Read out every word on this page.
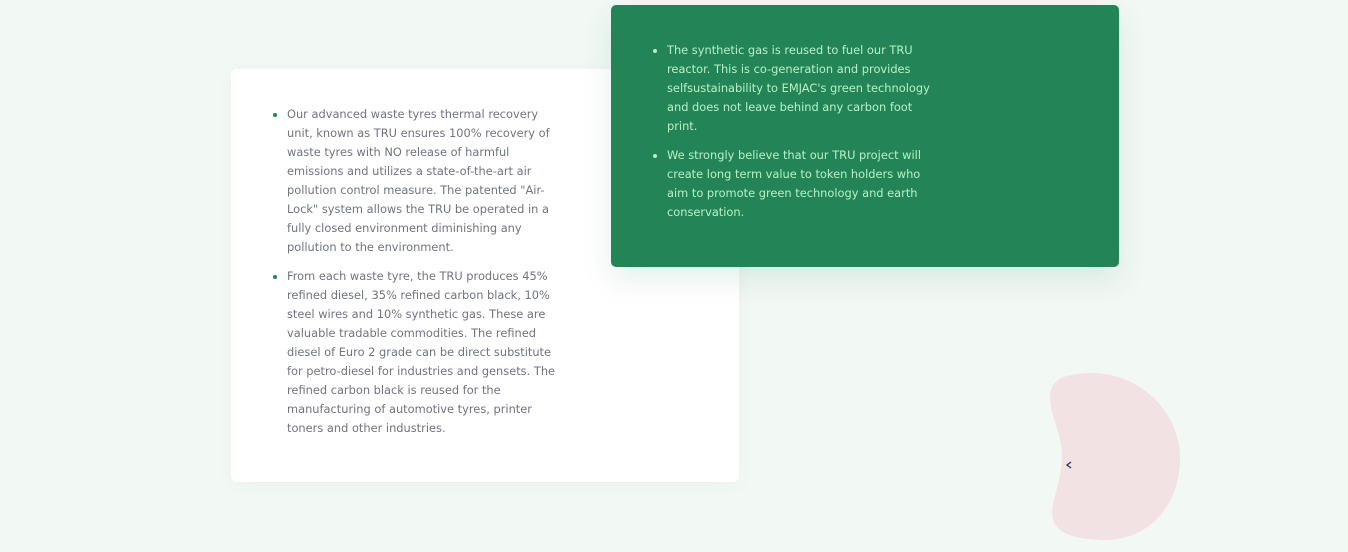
Our advanced waste tyres thermal recovery unit, known as TRU ensures 100% recovery of waste tyres with NO release of harmful emissions and utilizes a state-of-the-art air pollution control measure. The patented "Air-Lock" system allows the TRU be operated in a fully closed environment diminishing any pollution to the environment.
From each waste tyre, the TRU produces 45% refined diesel, 35% refined carbon black, 10% steel wires and 10% synthetic gas. These are valuable tradable commodities. The refined diesel of Euro 2 grade can be direct substitute for petro-diesel for industries and gensets. The refined carbon black is reused for the manufacturing of automotive tyres, printer toners and other industries.
The synthetic gas is reused to fuel our TRU reactor. This is co-generation and provides selfsustainability to EMJAC's green technology and does not leave behind any carbon foot print.
We strongly believe that our TRU project will create long term value to token holders who aim to promote green technology and earth conservation.
